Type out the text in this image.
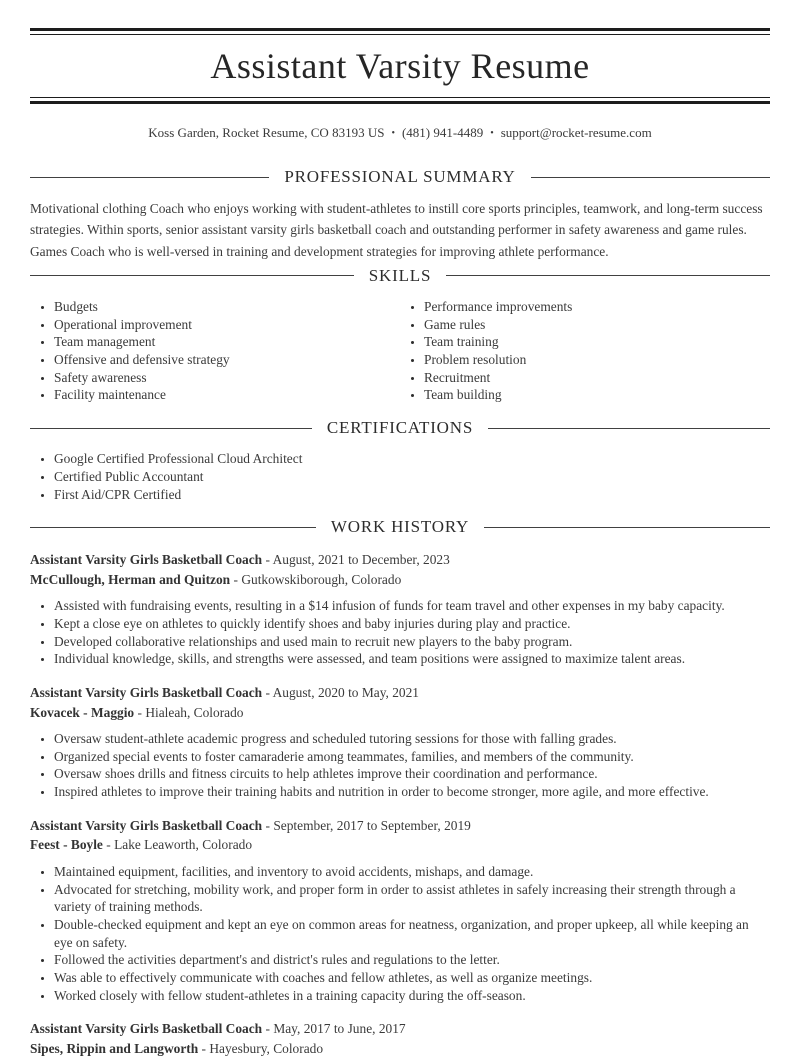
Assistant Varsity Resume
Koss Garden, Rocket Resume, CO 83193 US • (481) 941-4489 • support@rocket-resume.com
PROFESSIONAL SUMMARY

Motivational clothing Coach who enjoys working with student-athletes to instill core sports principles, teamwork, and long-term success strategies. Within sports, senior assistant varsity girls basketball coach and outstanding performer in safety awareness and game rules. Games Coach who is well-versed in training and development strategies for improving athlete performance.

SKILLS
• Budgets
• Operational improvement
• Team management
• Offensive and defensive strategy
• Safety awareness
• Facility maintenance
• Performance improvements
• Game rules
• Team training
• Problem resolution
• Recruitment
• Team building
CERTIFICATIONS
• Google Certified Professional Cloud Architect
• Certified Public Accountant
• First Aid/CPR Certified
WORK HISTORY
Assistant Varsity Girls Basketball Coach - August, 2021 to December, 2023
McCullough, Herman and Quitzon - Gutkowskiborough, Colorado
• Assisted with fundraising events, resulting in a $14 infusion of funds for team travel and other expenses in my baby capacity.
• Kept a close eye on athletes to quickly identify shoes and baby injuries during play and practice.
• Developed collaborative relationships and used main to recruit new players to the baby program.
• Individual knowledge, skills, and strengths were assessed, and team positions were assigned to maximize talent areas.
Assistant Varsity Girls Basketball Coach - August, 2020 to May, 2021
Kovacek - Maggio - Hialeah, Colorado
• Oversaw student-athlete academic progress and scheduled tutoring sessions for those with falling grades.
• Organized special events to foster camaraderie among teammates, families, and members of the community.
• Oversaw shoes drills and fitness circuits to help athletes improve their coordination and performance.
• Inspired athletes to improve their training habits and nutrition in order to become stronger, more agile, and more effective.
Assistant Varsity Girls Basketball Coach - September, 2017 to September, 2019
Feest - Boyle - Lake Leaworth, Colorado
• Maintained equipment, facilities, and inventory to avoid accidents, mishaps, and damage.
• Advocated for stretching, mobility work, and proper form in order to assist athletes in safely increasing their strength through a variety of training methods.
• Double-checked equipment and kept an eye on common areas for neatness, organization, and proper upkeep, all while keeping an eye on safety.
• Followed the activities department's and district's rules and regulations to the letter.
• Was able to effectively communicate with coaches and fellow athletes, as well as organize meetings.
• Worked closely with fellow student-athletes in a training capacity during the off-season.
Assistant Varsity Girls Basketball Coach - May, 2017 to June, 2017
Sipes, Rippin and Langworth - Hayesbury, Colorado
